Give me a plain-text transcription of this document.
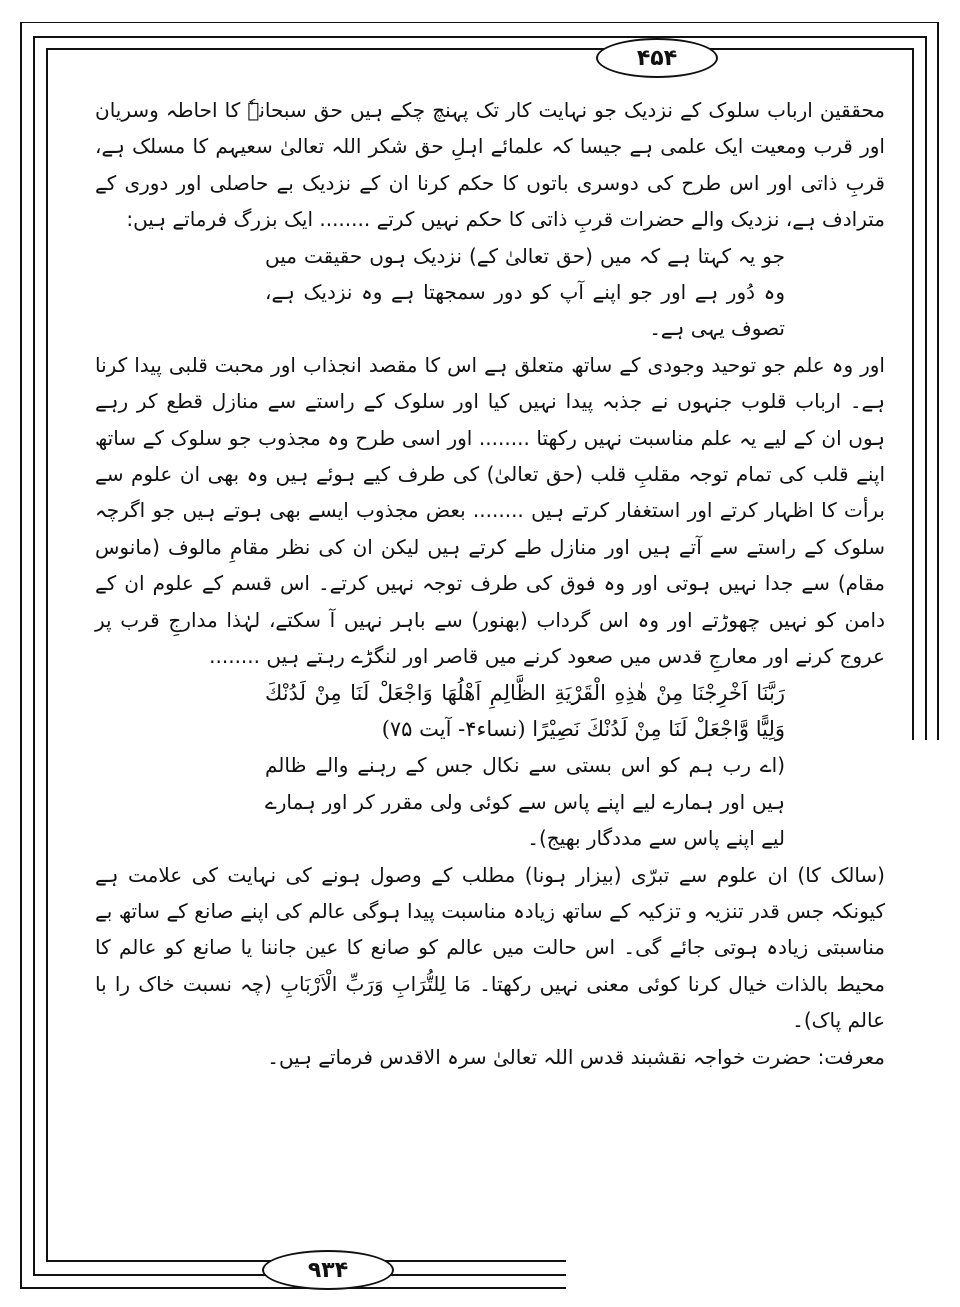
۴۵۴
۹۳۴

محققین ارباب سلوک کے نزدیک جو نہایت کار تک پہنچ چکے ہیں حق سبحانہٗ کا احاطہ وسریان اور قرب ومعیت ایک علمی ہے جیسا کہ علمائے اہلِ حق شکر اللہ تعالیٰ سعیہم کا مسلک ہے، قربِ ذاتی اور اس طرح کی دوسری باتوں کا حکم کرنا ان کے نزدیک بے حاصلی اور دوری کے مترادف ہے، نزدیک والے حضرات قربِ ذاتی کا حکم نہیں کرتے ........ ایک بزرگ فرماتے ہیں:

جو یہ کہتا ہے کہ میں (حق تعالیٰ کے) نزدیک ہوں حقیقت میں وہ دُور ہے اور جو اپنے آپ کو دور سمجھتا ہے وہ نزدیک ہے، تصوف یہی ہے۔

اور وہ علم جو توحید وجودی کے ساتھ متعلق ہے اس کا مقصد انجذاب اور محبت قلبی پیدا کرنا ہے۔ ارباب قلوب جنہوں نے جذبہ پیدا نہیں کیا اور سلوک کے راستے سے منازل قطع کر رہے ہوں ان کے لیے یہ علم مناسبت نہیں رکھتا ........ اور اسی طرح وہ مجذوب جو سلوک کے ساتھ اپنے قلب کی تمام توجہ مقلبِ قلب (حق تعالیٰ) کی طرف کیے ہوئے ہیں وہ بھی ان علوم سے برأت کا اظہار کرتے اور استغفار کرتے ہیں ........ بعض مجذوب ایسے بھی ہوتے ہیں جو اگرچہ سلوک کے راستے سے آتے ہیں اور منازل طے کرتے ہیں لیکن ان کی نظر مقامِ مالوف (مانوس مقام) سے جدا نہیں ہوتی اور وہ فوق کی طرف توجہ نہیں کرتے۔ اس قسم کے علوم ان کے دامن کو نہیں چھوڑتے اور وہ اس گرداب (بھنور) سے باہر نہیں آ سکتے، لہٰذا مدارجِ قرب پر عروج کرنے اور معارجِ قدس میں صعود کرنے میں قاصر اور لنگڑے رہتے ہیں ........

رَبَّنَا اَخْرِجْنَا مِنْ هٰذِهِ الْقَرْيَةِ الظَّالِمِ اَهْلُهَا وَاجْعَلْ لَنَا مِنْ لَدُنْكَ وَلِيًّا وَّاجْعَلْ لَنَا مِنْ لَدُنْكَ نَصِيْرًا (نساء۴- آیت ۷۵)

(اے رب ہم کو اس بستی سے نکال جس کے رہنے والے ظالم ہیں اور ہمارے لیے اپنے پاس سے کوئی ولی مقرر کر اور ہمارے لیے اپنے پاس سے مددگار بھیج)۔

(سالک کا) ان علوم سے تبرّی (بیزار ہونا) مطلب کے وصول ہونے کی نہایت کی علامت ہے کیونکہ جس قدر تنزیہ و تزکیہ کے ساتھ زیادہ مناسبت پیدا ہوگی عالم کی اپنے صانع کے ساتھ بے مناسبتی زیادہ ہوتی جائے گی۔ اس حالت میں عالم کو صانع کا عین جاننا یا صانع کو عالم کا محیط بالذات خیال کرنا کوئی معنی نہیں رکھتا۔ مَا لِلتُّرَابِ وَرَبِّ الْاَرْبَابِ (چہ نسبت خاک را با عالم پاک)۔

معرفت: حضرت خواجہ نقشبند قدس اللہ تعالیٰ سرہ الاقدس فرماتے ہیں۔
